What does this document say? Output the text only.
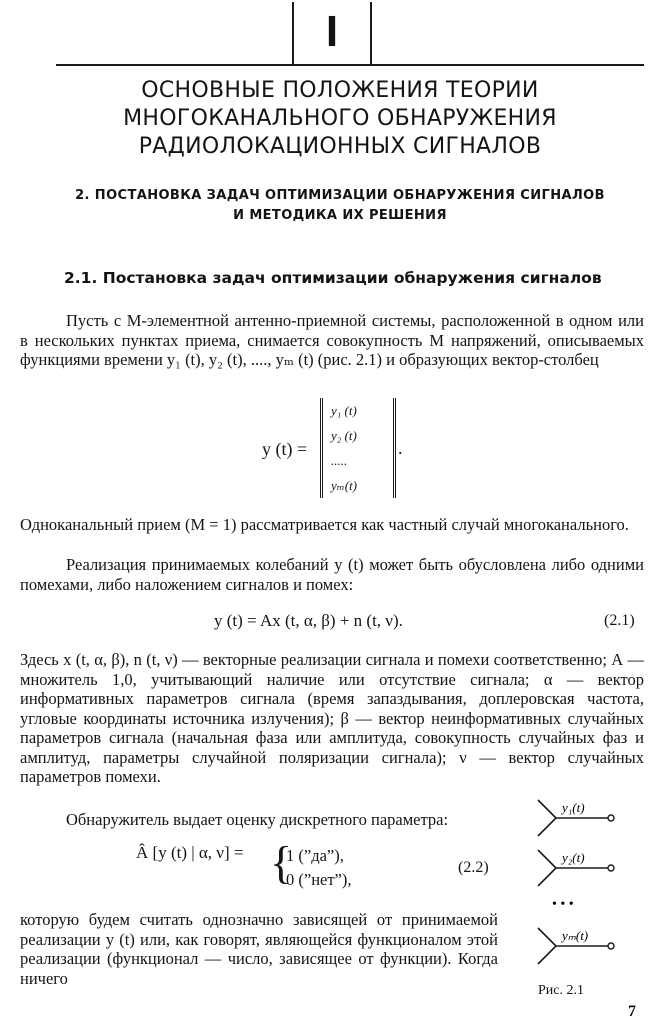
I
ОСНОВНЫЕ ПОЛОЖЕНИЯ ТЕОРИИ
МНОГОКАНАЛЬНОГО ОБНАРУЖЕНИЯ
РАДИОЛОКАЦИОННЫХ СИГНАЛОВ
2. ПОСТАНОВКА ЗАДАЧ ОПТИМИЗАЦИИ ОБНАРУЖЕНИЯ СИГНАЛОВ
И МЕТОДИКА ИХ РЕШЕНИЯ
2.1. Постановка задач оптимизации обнаружения сигналов
Пусть с М-элементной антенно-приемной системы, расположенной в одном или в нескольких пунктах приема, снимается совокупность М напряжений, описываемых функциями времени y₁ (t), y₂ (t), ...., yₘ (t) (рис. 2.1) и образующих вектор-столбец
y (t) =
y₁ (t)
y₂ (t)
.....
yₘ(t)
.
Одноканальный прием (М = 1) рассматривается как частный случай многоканального.
Реализация принимаемых колебаний y (t) может быть обусловлена либо одними помехами, либо наложением сигналов и помех:
y (t) = Ax (t, α, β) + n (t, ν).	(2.1)
Здесь x (t, α, β), n (t, ν) — векторные реализации сигнала и помехи соответственно; А — множитель 1,0, учитывающий наличие или отсутствие сигнала; α — вектор информативных параметров сигнала (время запаздывания, доплеровская частота, угловые координаты источника излучения); β — вектор неинформативных случайных параметров сигнала (начальная фаза или амплитуда, совокупность случайных фаз и амплитуд, параметры случайной поляризации сигнала); ν — вектор случайных параметров помехи.
Обнаружитель выдает оценку дискретного параметра:
Â [y (t) | α, ν] = {
1 (”да”),
0 (”нет”),
(2.2)
которую будем считать однозначно зависящей от принимаемой реализации y (t) или, как говорят, являющейся функционалом этой реализации (функционал — число, зависящее от функции). Когда ничего
y₁(t)
y₂(t)
• • •
yₘ(t)
Рис. 2.1
7
